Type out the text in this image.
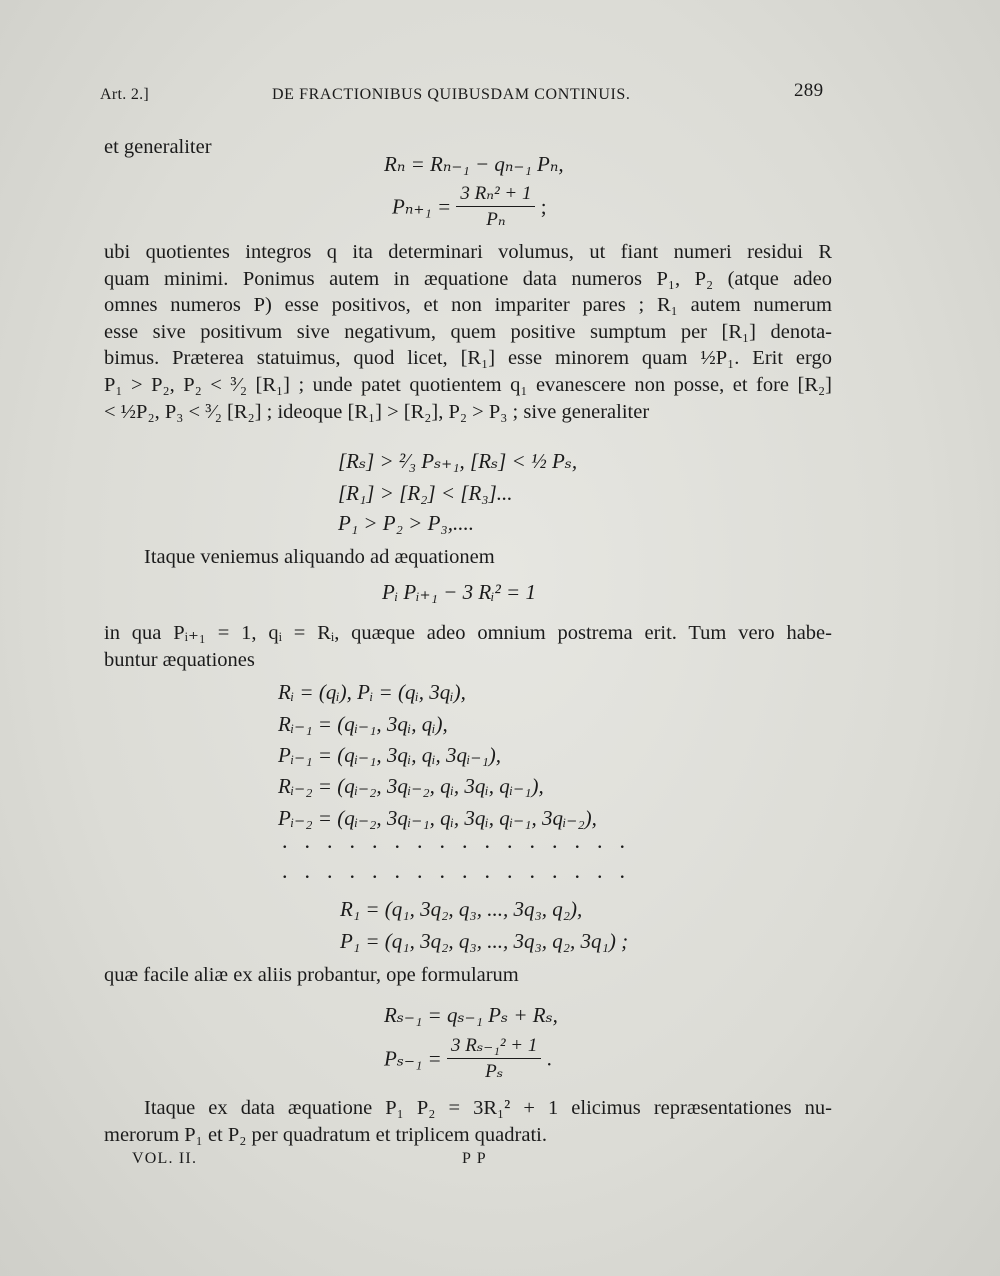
Art. 2.]	DE FRACTIONIBUS QUIBUSDAM CONTINUIS.	289
et generaliter
Rₙ = Rₙ₋₁ − qₙ₋₁ Pₙ,
$P_{n+1} = \frac{\text{3 Rₙ² + 1}}{\text{Pₙ}}$ ;
ubi quotientes integros q ita determinari volumus, ut fiant numeri residui R
quam minimi. Ponimus autem in æquatione data numeros P₁, P₂ (atque adeo
omnes numeros P) esse positivos, et non impariter pares ; R₁ autem numerum
esse sive positivum sive negativum, quem positive sumptum per [R₁] denota-
bimus. Præterea statuimus, quod licet, [R₁] esse minorem quam ½P₁. Erit ergo
P₁ > P₂, P₂ < ³⁄₂ [R₁] ; unde patet quotientem q₁ evanescere non posse, et fore [R₂]
< ½P₂, P₃ < ³⁄₂ [R₂] ; ideoque [R₁] > [R₂], P₂ > P₃ ; sive generaliter
[Rₛ] > ²⁄₃ Pₛ₊₁, [Rₛ] < ½ Pₛ,
[R₁] > [R₂] < [R₃]...
P₁ > P₂ > P₃,....
Itaque veniemus aliquando ad æquationem
Pᵢ Pᵢ₊₁ − 3 Rᵢ² = 1
in qua Pᵢ₊₁ = 1, qᵢ = Rᵢ, quæque adeo omnium postrema erit. Tum vero habe-
buntur æquationes
Rᵢ = (qᵢ), Pᵢ = (qᵢ, 3qᵢ),
Rᵢ₋₁ = (qᵢ₋₁, 3qᵢ, qᵢ),
Pᵢ₋₁ = (qᵢ₋₁, 3qᵢ, qᵢ, 3qᵢ₋₁),
Rᵢ₋₂ = (qᵢ₋₂, 3qᵢ₋₂, qᵢ, 3qᵢ, qᵢ₋₁),
Pᵢ₋₂ = (qᵢ₋₂, 3qᵢ₋₁, qᵢ, 3qᵢ, qᵢ₋₁, 3qᵢ₋₂),
................
................
R₁ = (q₁, 3q₂, q₃, ..., 3q₃, q₂),
P₁ = (q₁, 3q₂, q₃, ..., 3q₃, q₂, 3q₁) ;
quæ facile aliæ ex aliis probantur, ope formularum
Rₛ₋₁ = qₛ₋₁ Pₛ + Rₛ,
$P_{s-1} = \frac{\text{3 Rₛ₋₁² + 1}}{\text{Pₛ}}$ .
Itaque ex data æquatione P₁ P₂ = 3R₁² + 1 elicimus repræsentationes nu-
merorum P₁ et P₂ per quadratum et triplicem quadrati.
VOL. II.	P P
